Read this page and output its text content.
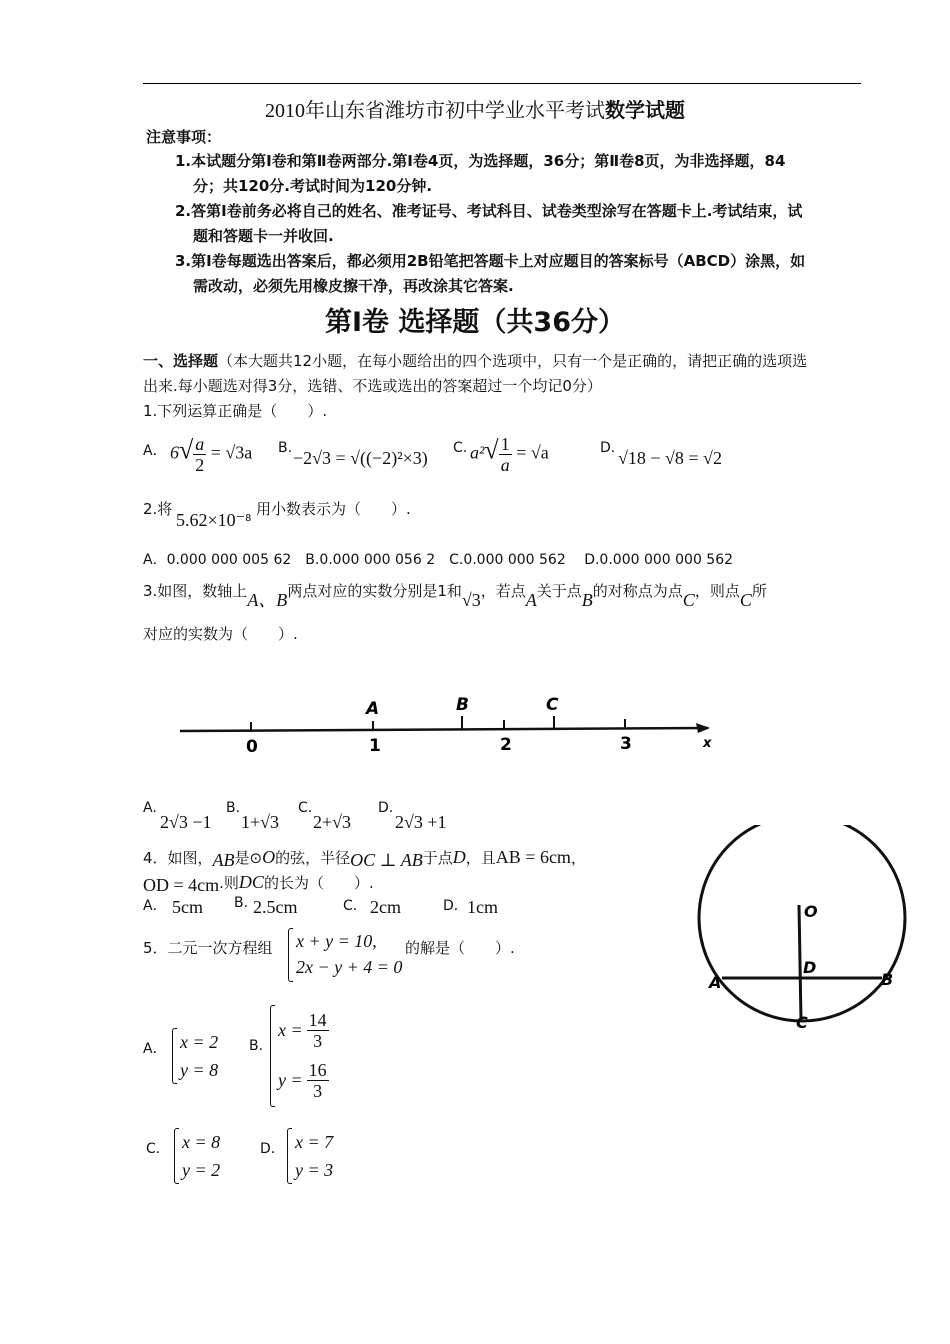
2010年山东省潍坊市初中学业水平考试数学试题
注意事项：
1.本试题分第Ⅰ卷和第Ⅱ卷两部分.第Ⅰ卷4页，为选择题，36分；第Ⅱ卷8页，为非选择题，84
分；共120分.考试时间为120分钟.
2.答第Ⅰ卷前务必将自己的姓名、准考证号、考试科目、试卷类型涂写在答题卡上.考试结束，试
题和答题卡一并收回.
3.第Ⅰ卷每题选出答案后，都必须用2B铅笔把答题卡上对应题目的答案标号（ABCD）涂黑，如
需改动，必须先用橡皮擦干净，再改涂其它答案.
第Ⅰ卷 选择题（共36分）
一、选择题（本大题共12小题，在每小题给出的四个选项中，只有一个是正确的，请把正确的选项选
出来.每小题选对得3分，选错、不选或选出的答案超过一个均记0分）
1.下列运算正确是（　　）.
A． $6√ \frac{a}{2} = √3a$ B. −2√3 = √((−2)²×3) C. $a^2√ \frac{1}{a} = √a$	D. √18 − √8 = √2
2.将
5.62×10⁻⁸
用小数表示为（　　）.
A．0.000 000 005 62　B.0.000 000 056 2　C.0.000 000 562　 D.0.000 000 000 562
3.如图，数轴上A、B两点对应的实数分别是1和√3，若点A关于点B的对称点为点C，则点C所
对应的实数为（　　）.
0	1	2	3
A	B	C
x
A.
2√3 −1
B.
1+√3
C.
2+√3
D.
2√3 +1
4．如图，AB是⊙O的弦，半径OC ⊥ AB于点D，且AB = 6cm，
OD = 4cm.则DC的长为（　　）.
A． 5cm B. 2.5cm	C． 2cm	D． 1cm	O
D
A	B
C
5．二元一次方程组 x + y = 10,
2x − y + 4 = 0
的解是（　　）.
A． x = 2
y = 8
B.
$x = \frac{14}{3}$
$y = \frac{16}{3}$
C． x = 8
y = 2
D． x = 7
y = 3
